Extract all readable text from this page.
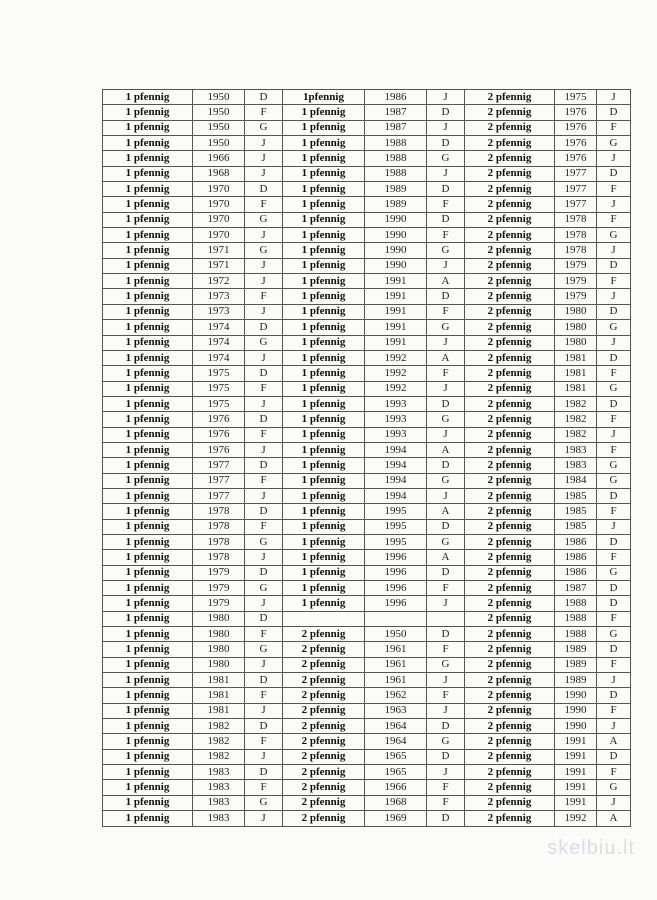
1 pfennig	1950	D	1pfennig	1986	J	2 pfennig	1975	J
1 pfennig	1950	F	1 pfennig	1987	D	2 pfennig	1976	D
1 pfennig	1950	G	1 pfennig	1987	J	2 pfennig	1976	F
1 pfennig	1950	J	1 pfennig	1988	D	2 pfennig	1976	G
1 pfennig	1966	J	1 pfennig	1988	G	2 pfennig	1976	J
1 pfennig	1968	J	1 pfennig	1988	J	2 pfennig	1977	D
1 pfennig	1970	D	1 pfennig	1989	D	2 pfennig	1977	F
1 pfennig	1970	F	1 pfennig	1989	F	2 pfennig	1977	J
1 pfennig	1970	G	1 pfennig	1990	D	2 pfennig	1978	F
1 pfennig	1970	J	1 pfennig	1990	F	2 pfennig	1978	G
1 pfennig	1971	G	1 pfennig	1990	G	2 pfennig	1978	J
1 pfennig	1971	J	1 pfennig	1990	J	2 pfennig	1979	D
1 pfennig	1972	J	1 pfennig	1991	A	2 pfennig	1979	F
1 pfennig	1973	F	1 pfennig	1991	D	2 pfennig	1979	J
1 pfennig	1973	J	1 pfennig	1991	F	2 pfennig	1980	D
1 pfennig	1974	D	1 pfennig	1991	G	2 pfennig	1980	G
1 pfennig	1974	G	1 pfennig	1991	J	2 pfennig	1980	J
1 pfennig	1974	J	1 pfennig	1992	A	2 pfennig	1981	D
1 pfennig	1975	D	1 pfennig	1992	F	2 pfennig	1981	F
1 pfennig	1975	F	1 pfennig	1992	J	2 pfennig	1981	G
1 pfennig	1975	J	1 pfennig	1993	D	2 pfennig	1982	D
1 pfennig	1976	D	1 pfennig	1993	G	2 pfennig	1982	F
1 pfennig	1976	F	1 pfennig	1993	J	2 pfennig	1982	J
1 pfennig	1976	J	1 pfennig	1994	A	2 pfennig	1983	F
1 pfennig	1977	D	1 pfennig	1994	D	2 pfennig	1983	G
1 pfennig	1977	F	1 pfennig	1994	G	2 pfennig	1984	G
1 pfennig	1977	J	1 pfennig	1994	J	2 pfennig	1985	D
1 pfennig	1978	D	1 pfennig	1995	A	2 pfennig	1985	F
1 pfennig	1978	F	1 pfennig	1995	D	2 pfennig	1985	J
1 pfennig	1978	G	1 pfennig	1995	G	2 pfennig	1986	D
1 pfennig	1978	J	1 pfennig	1996	A	2 pfennig	1986	F
1 pfennig	1979	D	1 pfennig	1996	D	2 pfennig	1986	G
1 pfennig	1979	G	1 pfennig	1996	F	2 pfennig	1987	D
1 pfennig	1979	J	1 pfennig	1996	J	2 pfennig	1988	D
1 pfennig	1980	D				2 pfennig	1988	F
1 pfennig	1980	F	2 pfennig	1950	D	2 pfennig	1988	G
1 pfennig	1980	G	2 pfennig	1961	F	2 pfennig	1989	D
1 pfennig	1980	J	2 pfennig	1961	G	2 pfennig	1989	F
1 pfennig	1981	D	2 pfennig	1961	J	2 pfennig	1989	J
1 pfennig	1981	F	2 pfennig	1962	F	2 pfennig	1990	D
1 pfennig	1981	J	2 pfennig	1963	J	2 pfennig	1990	F
1 pfennig	1982	D	2 pfennig	1964	D	2 pfennig	1990	J
1 pfennig	1982	F	2 pfennig	1964	G	2 pfennig	1991	A
1 pfennig	1982	J	2 pfennig	1965	D	2 pfennig	1991	D
1 pfennig	1983	D	2 pfennig	1965	J	2 pfennig	1991	F
1 pfennig	1983	F	2 pfennig	1966	F	2 pfennig	1991	G
1 pfennig	1983	G	2 pfennig	1968	F	2 pfennig	1991	J
1 pfennig	1983	J	2 pfennig	1969	D	2 pfennig	1992	A
skelbiu.lt
